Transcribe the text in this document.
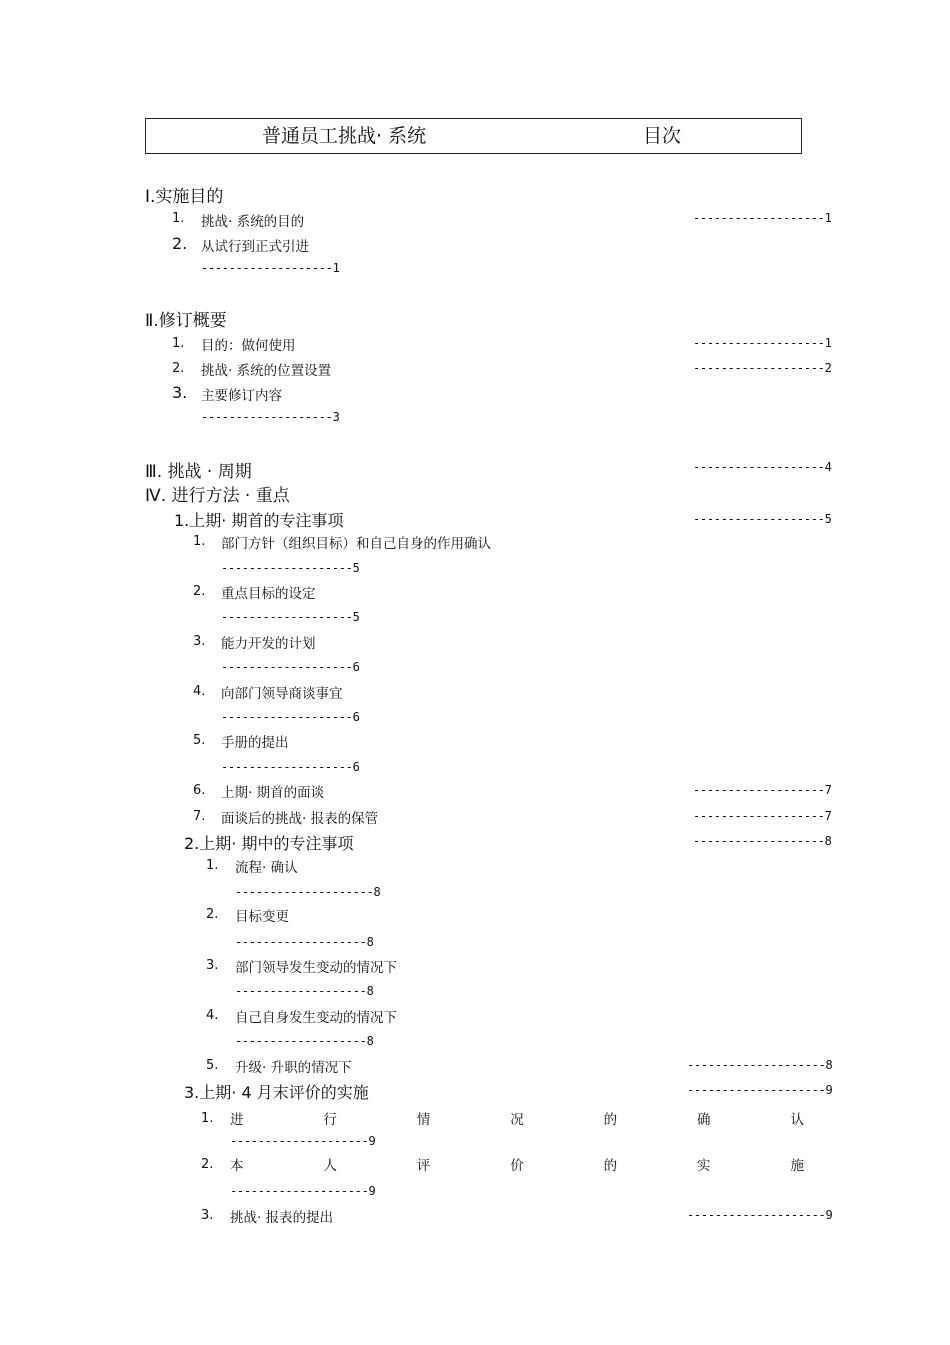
普通员工挑战· 系统	目次
Ⅰ.实施目的
1. 挑战· 系统的目的	-------------------1
2. 从试行到正式引进
-------------------1
Ⅱ.修订概要
1. 目的：做何使用	-------------------1
2. 挑战· 系统的位置设置	-------------------2
3. 主要修订内容
-------------------3
Ⅲ. 挑战 · 周期	-------------------4
Ⅳ. 进行方法 · 重点
1.上期· 期首的专注事项	-------------------5
1. 部门方针（组织目标）和自己自身的作用确认
-------------------5
2. 重点目标的设定
-------------------5
3. 能力开发的计划
-------------------6
4. 向部门领导商谈事宜
-------------------6
5. 手册的提出
-------------------6
6. 上期· 期首的面谈	-------------------7
7. 面谈后的挑战· 报表的保管	-------------------7
2.上期· 期中的专注事项	-------------------8
1. 流程· 确认
--------------------8
2. 目标变更
-------------------8
3. 部门领导发生变动的情况下
-------------------8
4. 自己自身发生变动的情况下
-------------------8
5. 升级· 升职的情况下	--------------------8
3.上期· 4 月末评价的实施	--------------------9
1. 进	行	情	况	的	确	认
--------------------9
2. 本	人	评	价	的	实	施
--------------------9
3. 挑战· 报表的提出	--------------------9
